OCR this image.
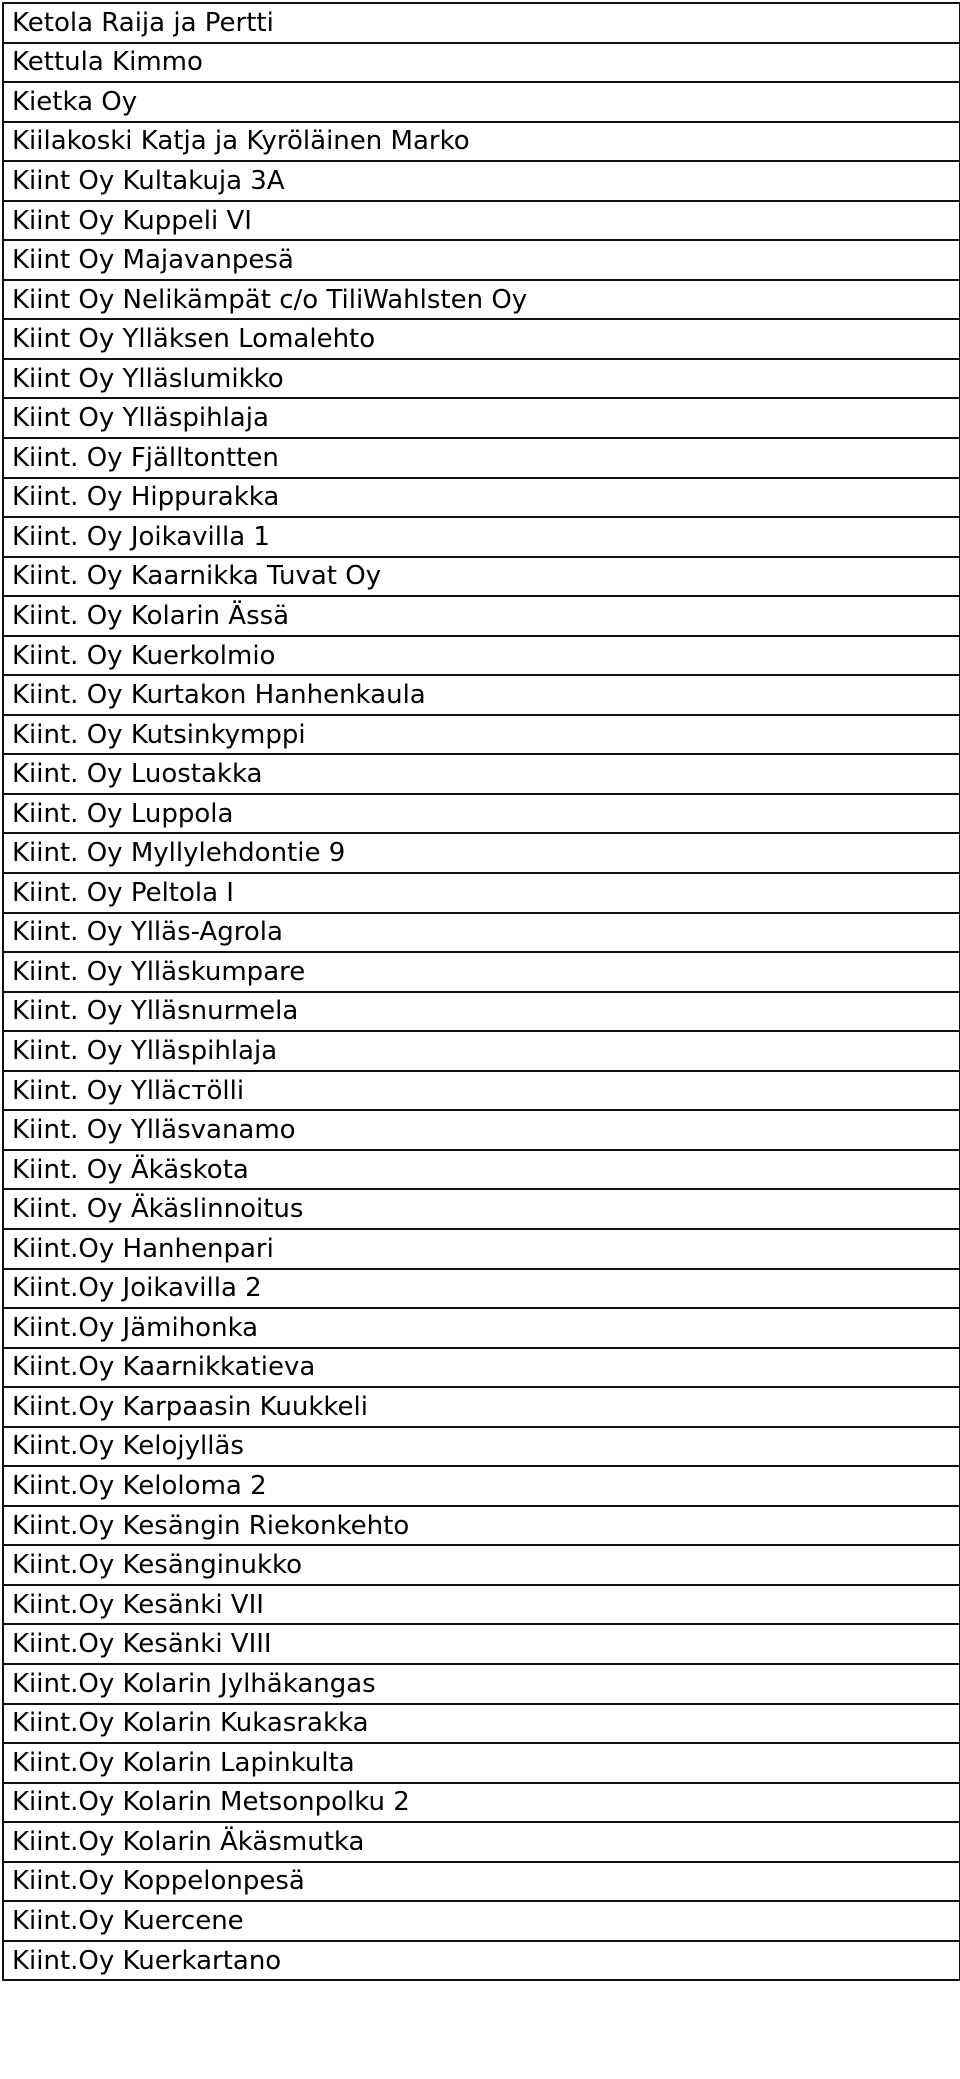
Ketola Raija ja Pertti
Kettula Kimmo
Kietka Oy
Kiilakoski Katja ja Kyröläinen Marko
Kiint Oy Kultakuja 3A
Kiint Oy Kuppeli VI
Kiint Oy Majavanpesä
Kiint Oy Nelikämpät c/o TiliWahlsten Oy
Kiint Oy Ylläksen Lomalehto
Kiint Oy Ylläslumikko
Kiint Oy Ylläspihlaja
Kiint. Oy Fjälltontten
Kiint. Oy Hippurakka
Kiint. Oy Joikavilla 1
Kiint. Oy Kaarnikka Tuvat Oy
Kiint. Oy Kolarin Ässä
Kiint. Oy Kuerkolmio
Kiint. Oy Kurtakon Hanhenkaula
Kiint. Oy Kutsinkymppi
Kiint. Oy Luostakka
Kiint. Oy Luppola
Kiint. Oy Myllylehdontie 9
Kiint. Oy Peltola I
Kiint. Oy Ylläs-Agrola
Kiint. Oy Ylläskumpare
Kiint. Oy Ylläsnurmela
Kiint. Oy Ylläspihlaja
Kiint. Oy Ylläстölli
Kiint. Oy Ylläsvanamo
Kiint. Oy Äkäskota
Kiint. Oy Äkäslinnoitus
Kiint.Oy Hanhenpari
Kiint.Oy Joikavilla 2
Kiint.Oy Jämihonka
Kiint.Oy Kaarnikkatieva
Kiint.Oy Karpaasin Kuukkeli
Kiint.Oy Kelojylläs
Kiint.Oy Keloloma 2
Kiint.Oy Kesängin Riekonkehto
Kiint.Oy Kesänginukko
Kiint.Oy Kesänki VII
Kiint.Oy Kesänki VIII
Kiint.Oy Kolarin Jylhäkangas
Kiint.Oy Kolarin Kukasrakka
Kiint.Oy Kolarin Lapinkulta
Kiint.Oy Kolarin Metsonpolku 2
Kiint.Oy Kolarin Äkäsmutka
Kiint.Oy Koppelonpesä
Kiint.Oy Kuercene
Kiint.Oy Kuerkartano
